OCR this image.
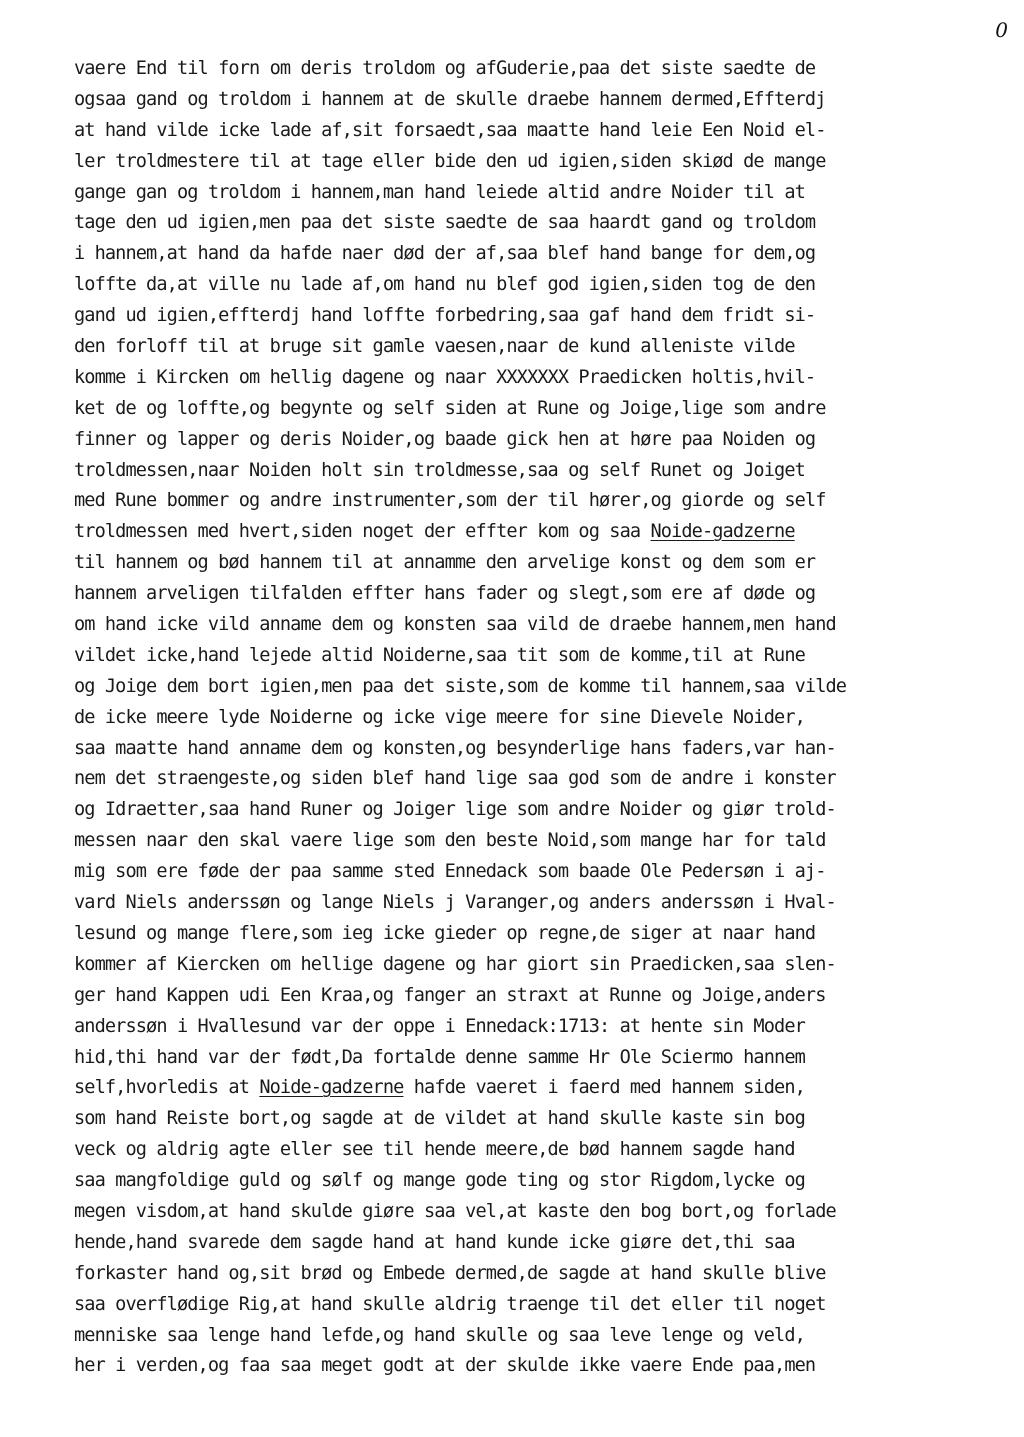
0
vaere End til forn om deris troldom og afGuderie,paa det siste saedte de
ogsaa gand og troldom i hannem at de skulle draebe hannem dermed,Effterdj
at hand vilde icke lade af,sit forsaedt,saa maatte hand leie Een Noid el-
ler troldmestere til at tage eller bide den ud igien,siden skiød de mange
gange gan og troldom i hannem,man hand leiede altid andre Noider til at
tage den ud igien,men paa det siste saedte de saa haardt gand og troldom
i hannem,at hand da hafde naer død der af,saa blef hand bange for dem,og
loffte da,at ville nu lade af,om hand nu blef god igien,siden tog de den
gand ud igien,effterdj hand loffte forbedring,saa gaf hand dem fridt si-
den forloff til at bruge sit gamle vaesen,naar de kund alleniste vilde
komme i Kircken om hellig dagene og naar XXXXXXX Praedicken holtis,hvil-
ket de og loffte,og begynte og self siden at Rune og Joige,lige som andre
finner og lapper og deris Noider,og baade gick hen at høre paa Noiden og
troldmessen,naar Noiden holt sin troldmesse,saa og self Runet og Joiget
med Rune bommer og andre instrumenter,som der til hører,og giorde og self
troldmessen med hvert,siden noget der effter kom og saa Noide-gadzerne
til hannem og bød hannem til at annamme den arvelige konst og dem som er
hannem arveligen tilfalden effter hans fader og slegt,som ere af døde og
om hand icke vild anname dem og konsten saa vild de draebe hannem,men hand
vildet icke,hand lejede altid Noiderne,saa tit som de komme,til at Rune
og Joige dem bort igien,men paa det siste,som de komme til hannem,saa vilde
de icke meere lyde Noiderne og icke vige meere for sine Dievele Noider,
saa maatte hand anname dem og konsten,og besynderlige hans faders,var han-
nem det straengeste,og siden blef hand lige saa god som de andre i konster
og Idraetter,saa hand Runer og Joiger lige som andre Noider og giør trold-
messen naar den skal vaere lige som den beste Noid,som mange har for tald
mig som ere føde der paa samme sted Ennedack som baade Ole Pedersøn i aj-
vard Niels anderssøn og lange Niels j Varanger,og anders anderssøn i Hval-
lesund og mange flere,som ieg icke gieder op regne,de siger at naar hand
kommer af Kiercken om hellige dagene og har giort sin Praedicken,saa slen-
ger hand Kappen udi Een Kraa,og fanger an straxt at Runne og Joige,anders
anderssøn i Hvallesund var der oppe i Ennedack:1713: at hente sin Moder
hid,thi hand var der født,Da fortalde denne samme Hr Ole Sciermo hannem
self,hvorledis at Noide-gadzerne hafde vaeret i faerd med hannem siden,
som hand Reiste bort,og sagde at de vildet at hand skulle kaste sin bog
veck og aldrig agte eller see til hende meere,de bød hannem sagde hand
saa mangfoldige guld og sølf og mange gode ting og stor Rigdom,lycke og
megen visdom,at hand skulde giøre saa vel,at kaste den bog bort,og forlade
hende,hand svarede dem sagde hand at hand kunde icke giøre det,thi saa
forkaster hand og,sit brød og Embede dermed,de sagde at hand skulle blive
saa overflødige Rig,at hand skulle aldrig traenge til det eller til noget
menniske saa lenge hand lefde,og hand skulle og saa leve lenge og veld,
her i verden,og faa saa meget godt at der skulde ikke vaere Ende paa,men
